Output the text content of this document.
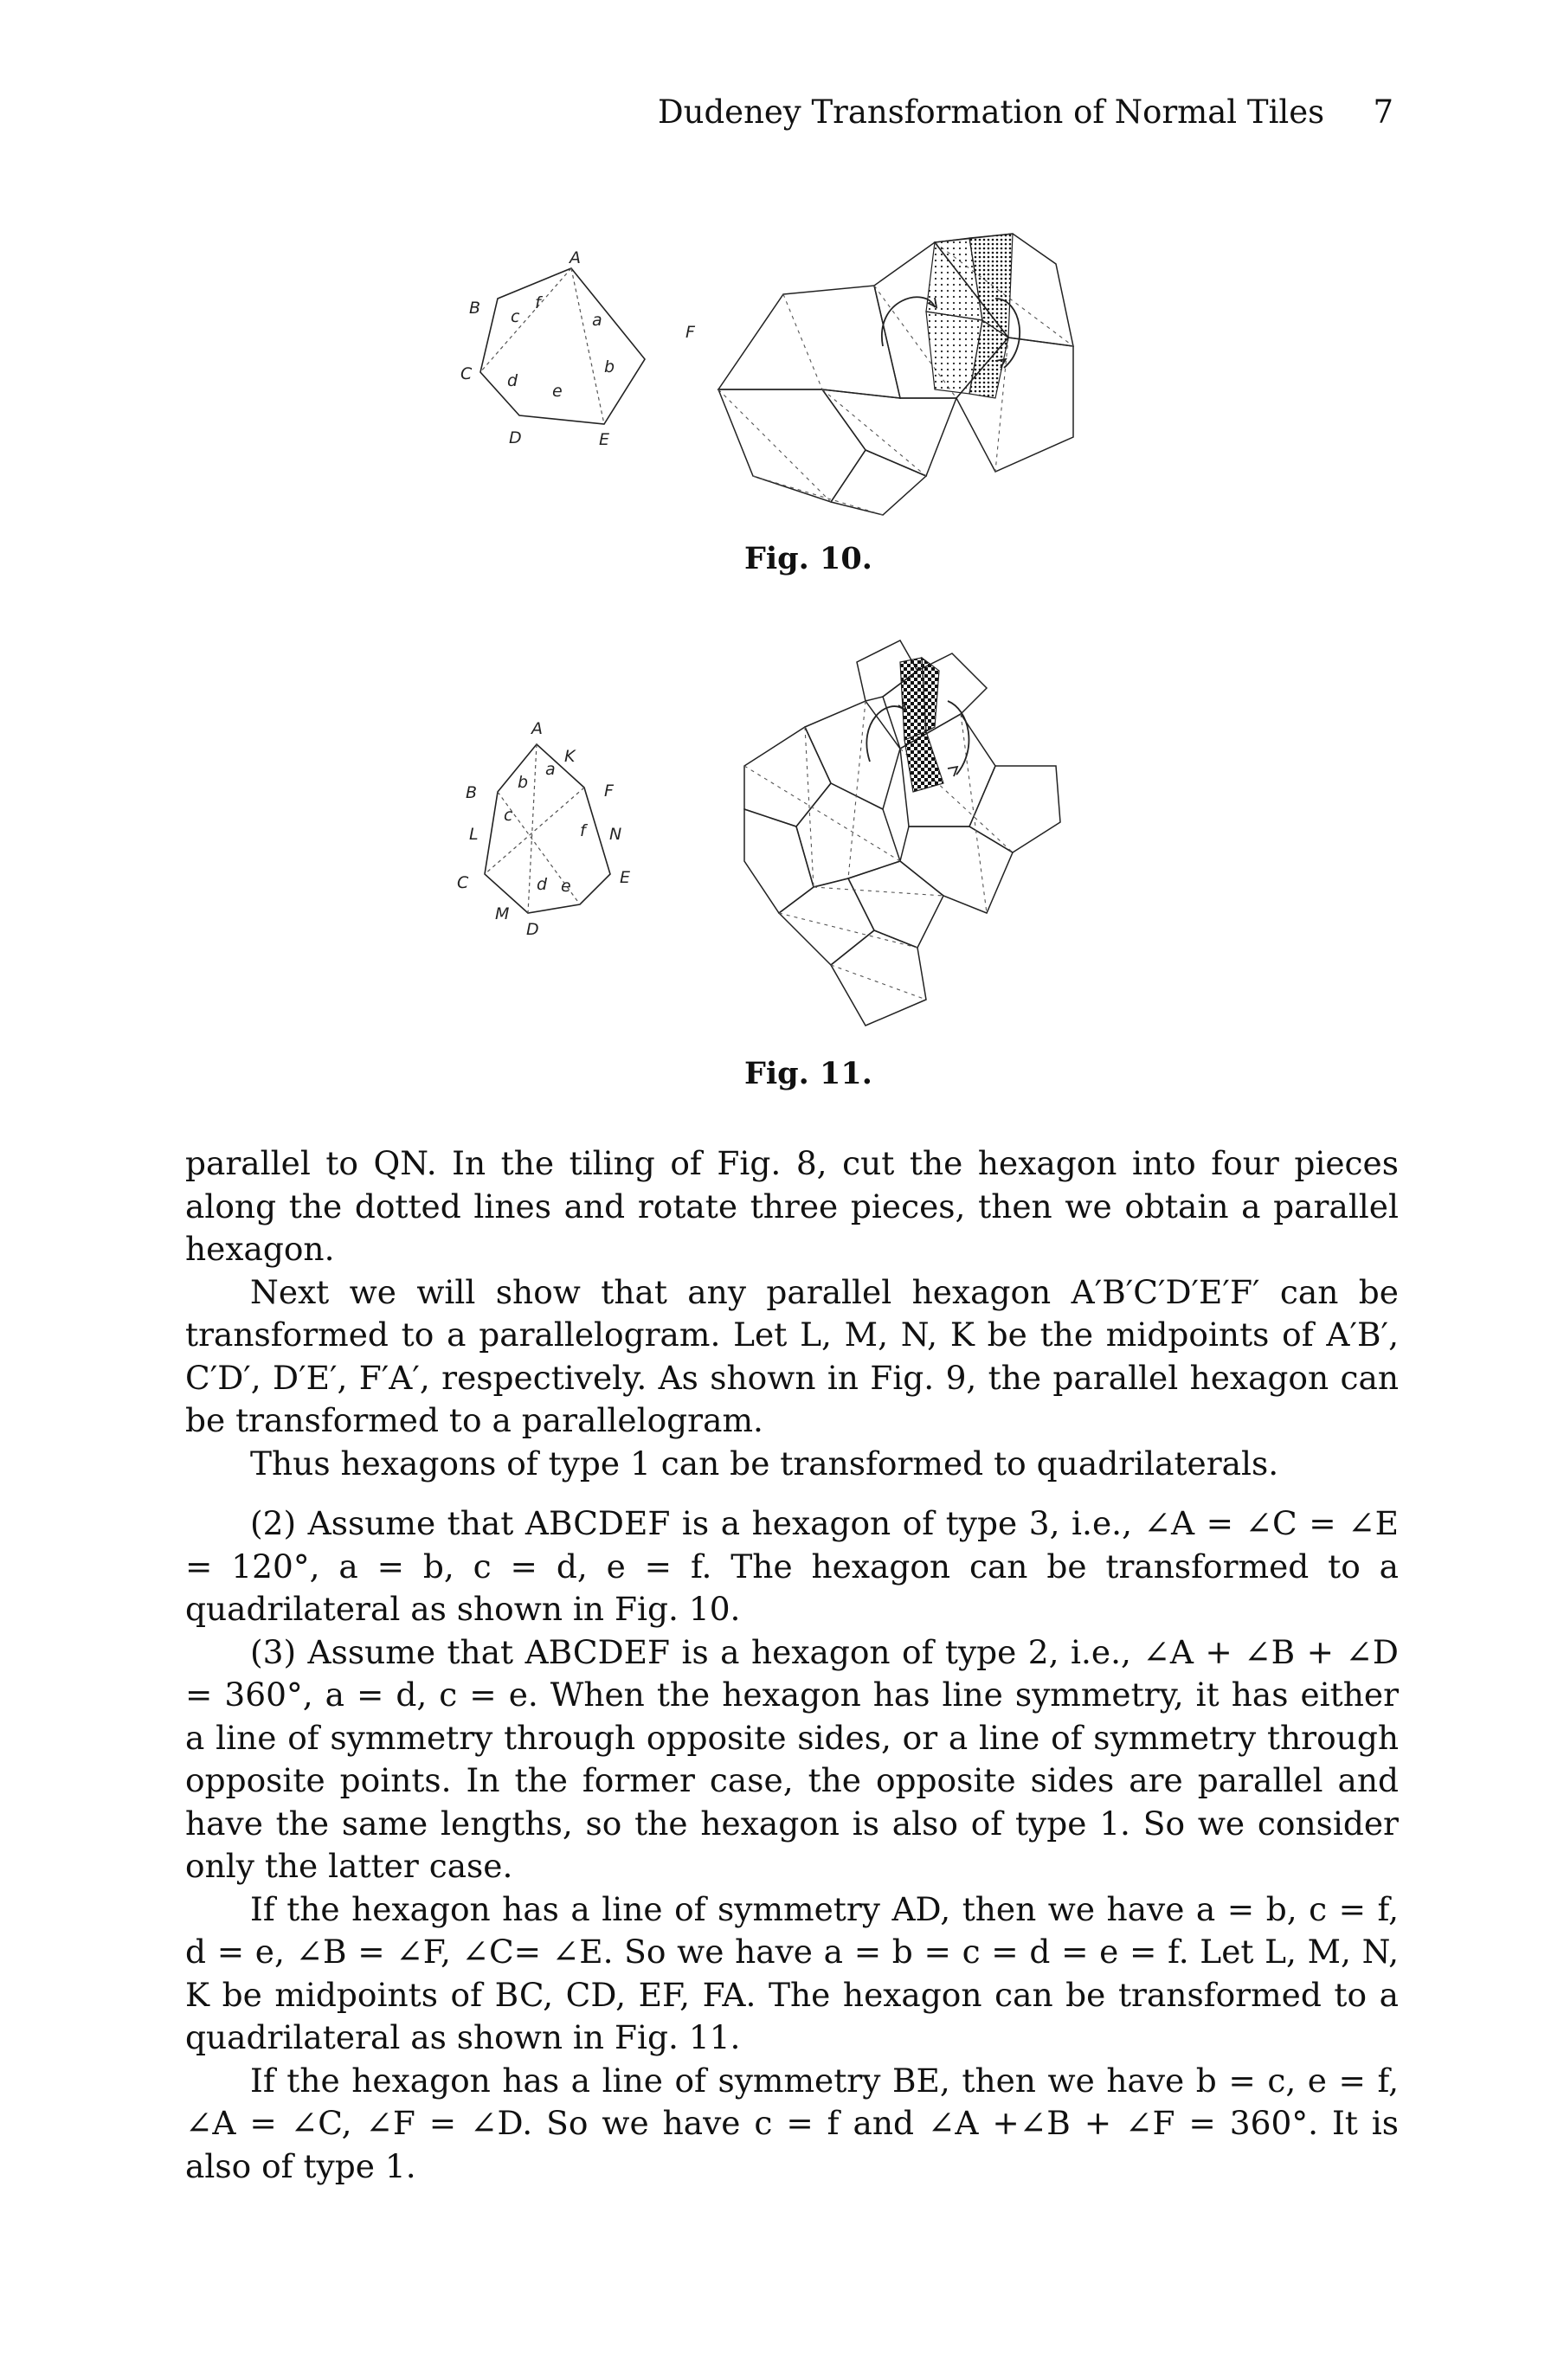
Dudeney Transformation of Normal Tiles 7
A
B
C
D	E
F
a
b
c
d
e
f
Fig. 10.
A
B
C
D
E
F
K
L
M
N
a
b
c
d e
f
Fig. 11.

parallel to QN. In the tiling of Fig. 8, cut the hexagon into four pieces along the dotted lines and rotate three pieces, then we obtain a parallel hexagon.

Next we will show that any parallel hexagon A′B′C′D′E′F′ can be transformed to a parallelogram. Let L, M, N, K be the midpoints of A′B′, C′D′, D′E′, F′A′, respectively. As shown in Fig. 9, the parallel hexagon can be transformed to a parallelogram.

Thus hexagons of type 1 can be transformed to quadrilaterals.

(2) Assume that ABCDEF is a hexagon of type 3, i.e., ∠A = ∠C = ∠E = 120°, a = b, c = d, e = f. The hexagon can be transformed to a quadrilateral as shown in Fig. 10.

(3) Assume that ABCDEF is a hexagon of type 2, i.e., ∠A + ∠B + ∠D = 360°, a = d, c = e. When the hexagon has line symmetry, it has either a line of symmetry through opposite sides, or a line of symmetry through opposite points. In the former case, the opposite sides are parallel and have the same lengths, so the hexagon is also of type 1. So we consider only the latter case.

If the hexagon has a line of symmetry AD, then we have a = b, c = f, d = e, ∠B = ∠F, ∠C= ∠E. So we have a = b = c = d = e = f. Let L, M, N, K be midpoints of BC, CD, EF, FA. The hexagon can be transformed to a quadrilateral as shown in Fig. 11.

If the hexagon has a line of symmetry BE, then we have b = c, e = f, ∠A = ∠C, ∠F = ∠D. So we have c = f and ∠A +∠B + ∠F = 360°. It is also of type 1.
